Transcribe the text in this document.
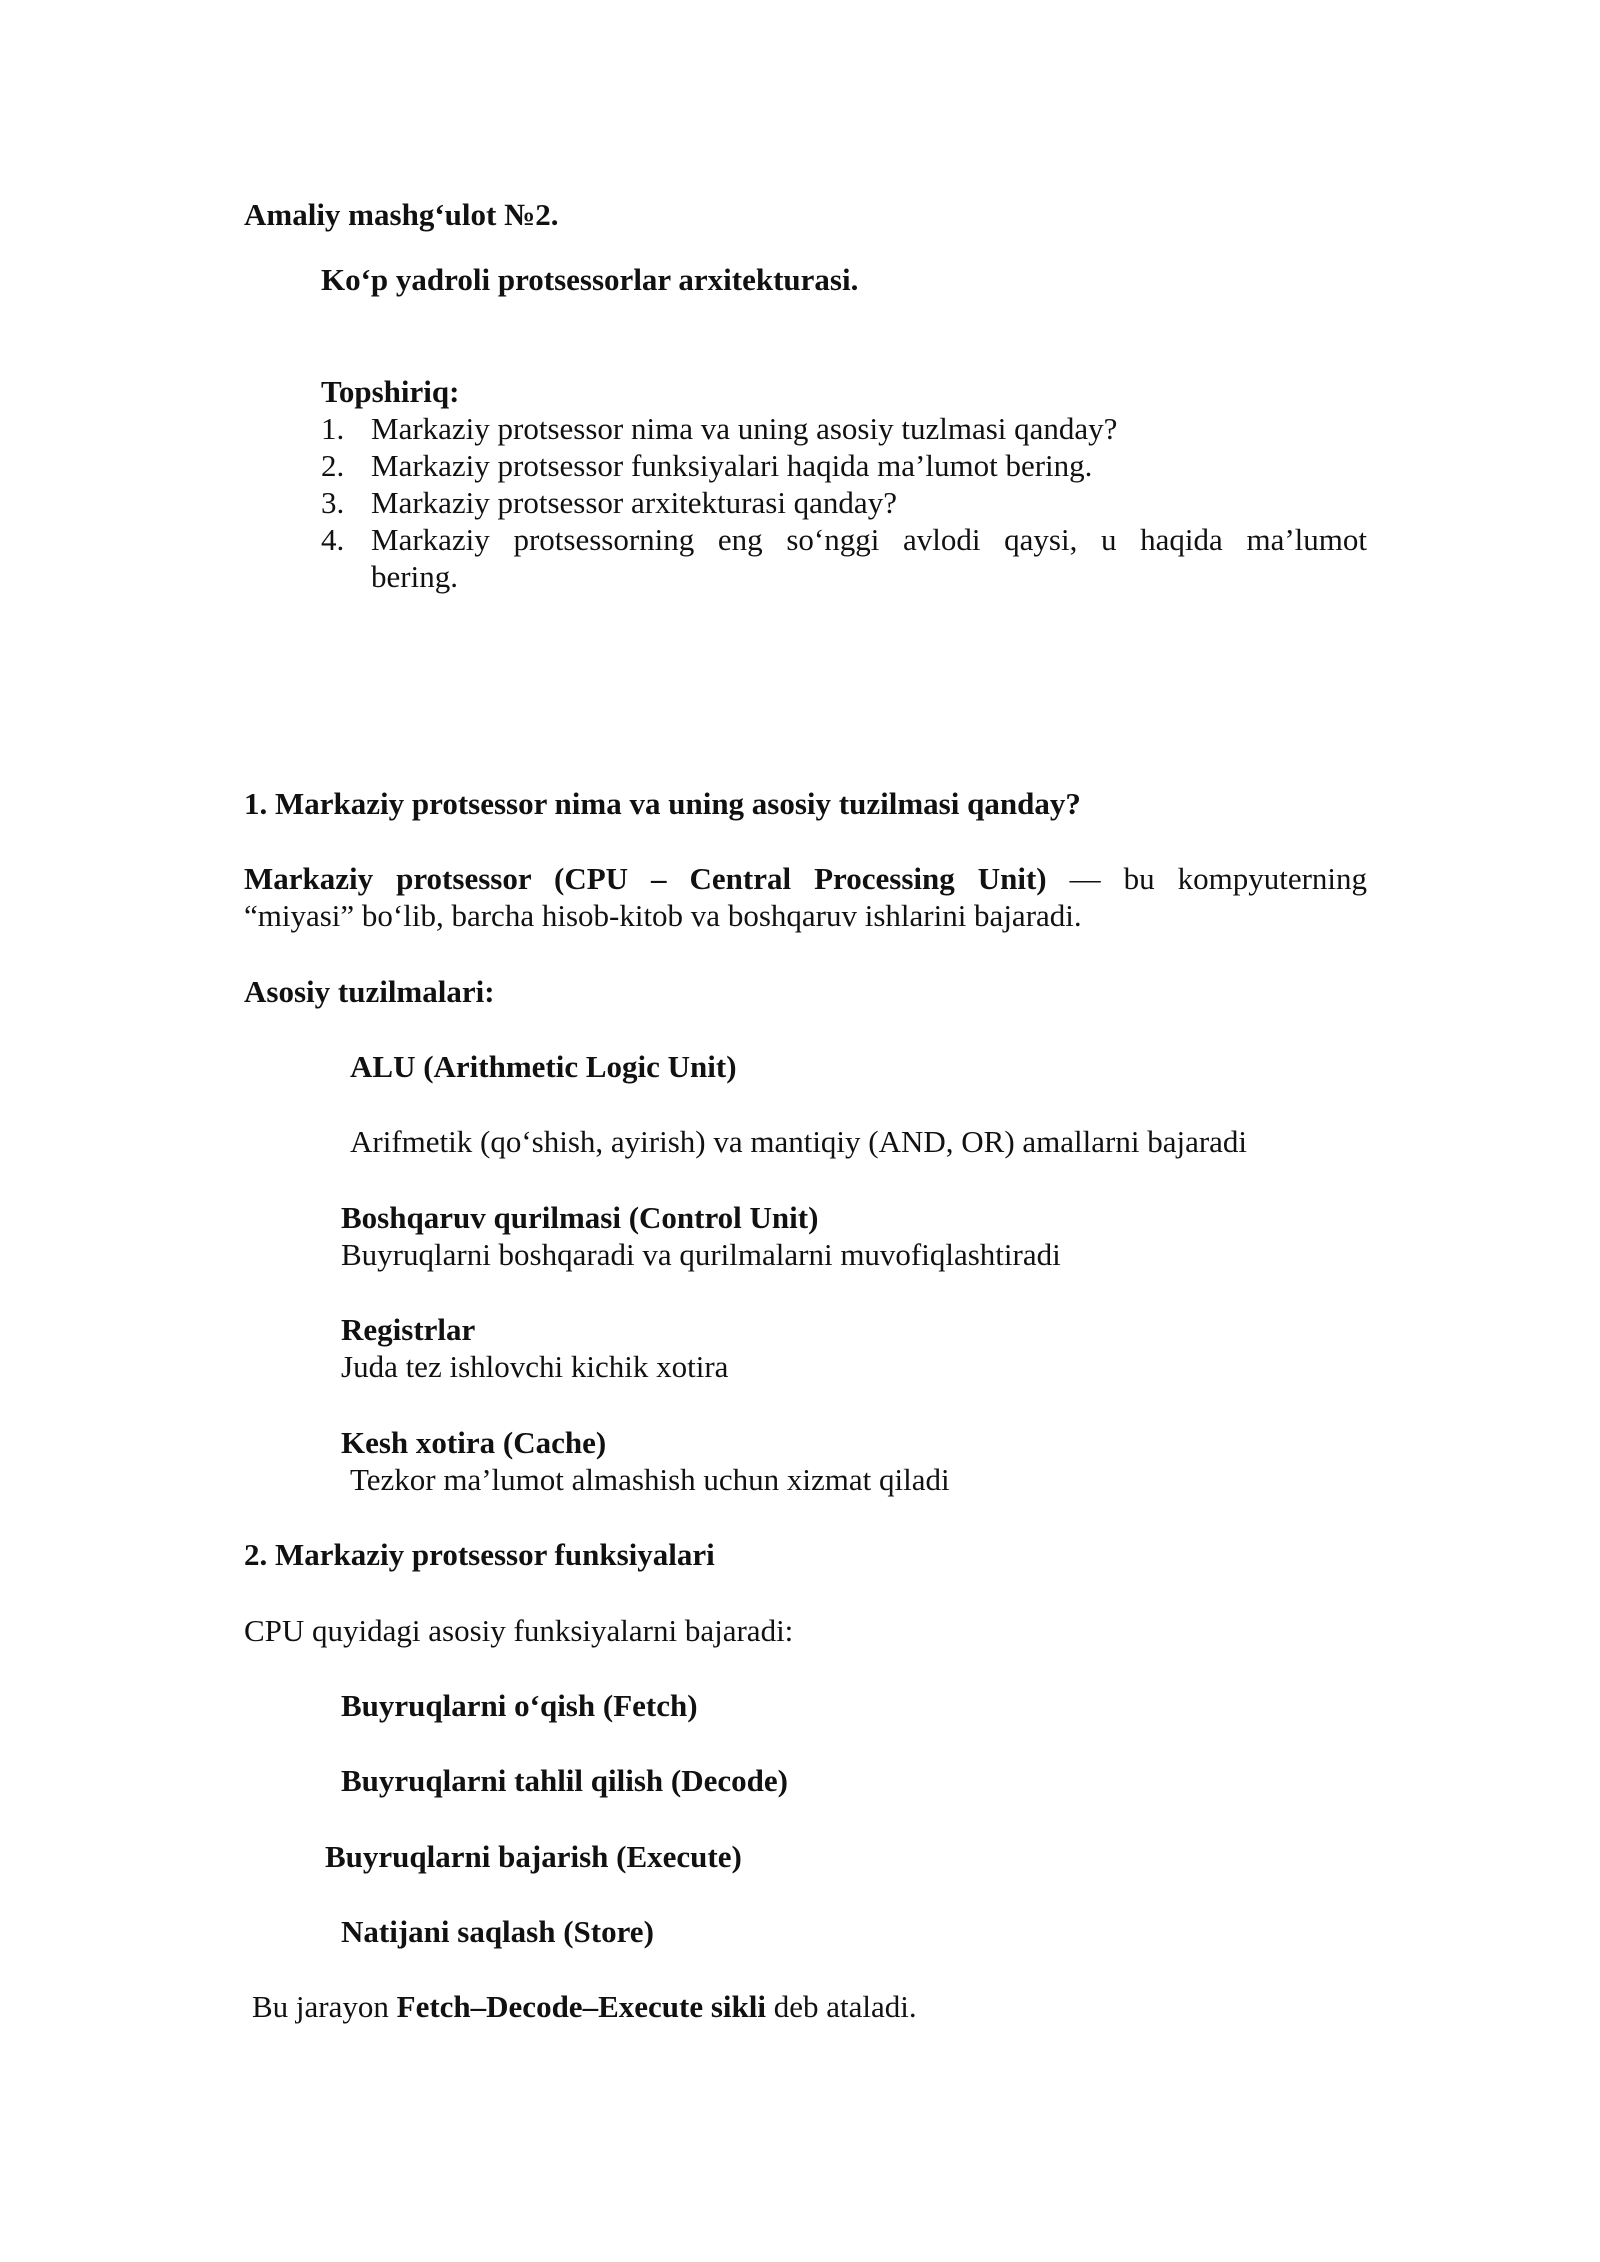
Amaliy mashg‘ulot №2.
Ko‘p yadroli protsessorlar arxitekturasi.
Topshiriq:
1. Markaziy protsessor nima va uning asosiy tuzlmasi qanday?
2. Markaziy protsessor funksiyalari haqida ma’lumot bering.
3. Markaziy protsessor arxitekturasi qanday?
4. Markaziy protsessorning eng so‘nggi avlodi qaysi, u haqida ma’lumot
bering.
1. Markaziy protsessor nima va uning asosiy tuzilmasi qanday?
Markaziy protsessor (CPU – Central Processing Unit) — bu kompyuterning
“miyasi” bo‘lib, barcha hisob-kitob va boshqaruv ishlarini bajaradi.
Asosiy tuzilmalari:
ALU (Arithmetic Logic Unit)
Arifmetik (qo‘shish, ayirish) va mantiqiy (AND, OR) amallarni bajaradi
Boshqaruv qurilmasi (Control Unit)
Buyruqlarni boshqaradi va qurilmalarni muvofiqlashtiradi
Registrlar
Juda tez ishlovchi kichik xotira
Kesh xotira (Cache)
Tezkor ma’lumot almashish uchun xizmat qiladi
2. Markaziy protsessor funksiyalari
CPU quyidagi asosiy funksiyalarni bajaradi:
Buyruqlarni o‘qish (Fetch)
Buyruqlarni tahlil qilish (Decode)
Buyruqlarni bajarish (Execute)
Natijani saqlash (Store)
Bu jarayon Fetch–Decode–Execute sikli deb ataladi.
